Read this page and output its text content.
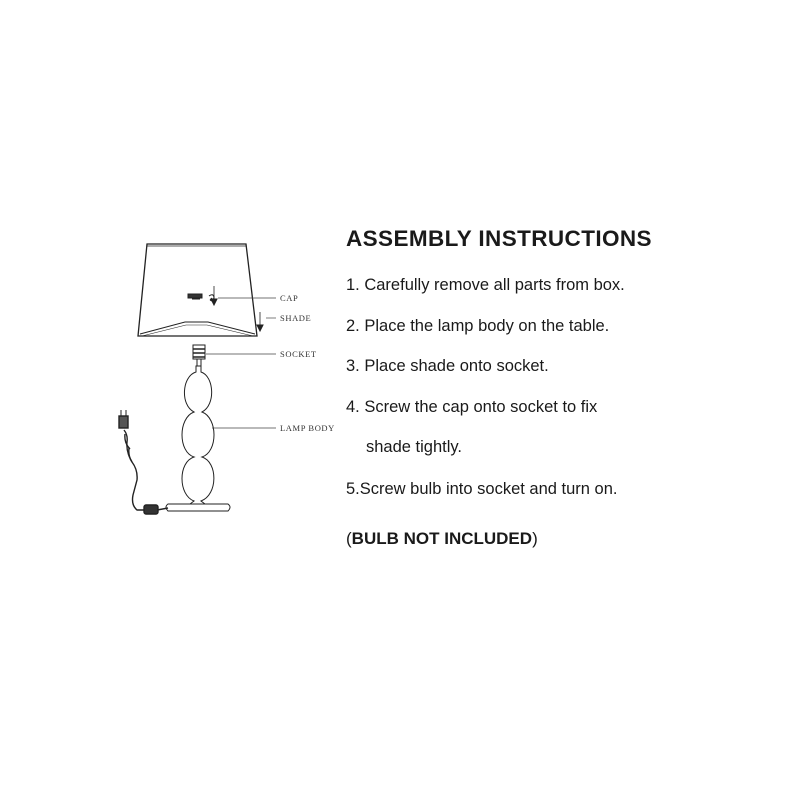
CAP
SHADE
SOCKET
LAMP BODY
ASSEMBLY INSTRUCTIONS
1. Carefully remove all parts from box.
2. Place the lamp body on the table.
3. Place shade onto socket.
4. Screw the cap onto socket to fix
shade tightly.
5.Screw bulb into socket and turn on.
(BULB NOT INCLUDED)
